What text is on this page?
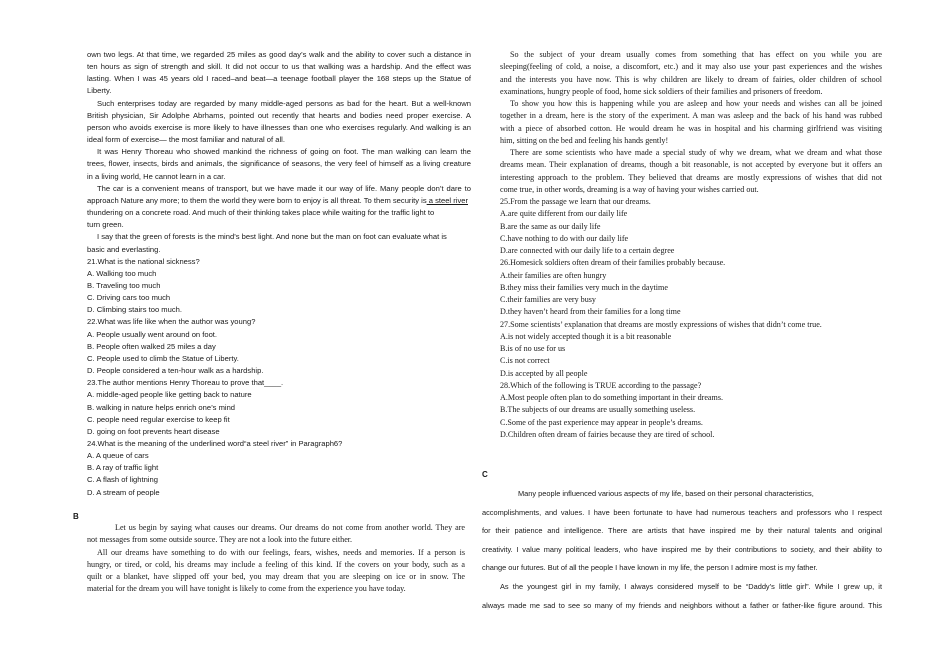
own two legs. At that time, we regarded 25 miles as good day’s walk and the ability to cover such a distance in
ten hours as sign of strength and skill. It did not occur to us that walking was a hardship. And the effect was
lasting. When I was 45 years old I raced–and beat—a teenage football player the 168 steps up the Statue of
Liberty.
Such enterprises today are regarded by many middle-aged persons as bad for the heart. But a well-known
British physician, Sir Adolphe Abrhams, pointed out recently that hearts and bodies need proper exercise. A
person who avoids exercise is more likely to have illnesses than one who exercises regularly. And walking is an
ideal form of exercise— the most familiar and natural of all.
It was Henry Thoreau who showed mankind the richness of going on foot. The man walking can learn the
trees, flower, insects, birds and animals, the significance of seasons, the very feel of himself as a living creature
in a living world, He cannot learn in a car.
The car is a convenient means of transport, but we have made it our way of life. Many people don’t dare to
approach Nature any more; to them the world they were born to enjoy is all threat. To them security is a steel river
thundering on a concrete road. And much of their thinking takes place while waiting for the traffic light to
turn green.
I say that the green of forests is the mind’s best light. And none but the man on foot can evaluate what is
basic and everlasting.
21.What is the national sickness?
A. Walking too much
B. Traveling too much
C. Driving cars too much
D. Climbing stairs too much.
22.What was life like when the author was young?
A. People usually went around on foot.
B. People often walked 25 miles a day
C. People used to climb the Statue of Liberty.
D. People considered a ten-hour walk as a hardship.
23.The author mentions Henry Thoreau to prove that____.
A. middle-aged people like getting back to nature
B. walking in nature helps enrich one’s mind
C. people need regular exercise to keep fit
D. going on foot prevents heart disease
24.What is the meaning of the underlined word“a steel river” in Paragraph6?
A. A queue of cars
B. A ray of traffic light
C. A flash of lightning
D. A stream of people
B
Let us begin by saying what causes our dreams. Our dreams do not come from another world. They are
not messages from some outside source. They are not a look into the future either.
All our dreams have something to do with our feelings, fears, wishes, needs and memories. If a person is
hungry, or tired, or cold, his dreams may include a feeling of this kind. If the covers on your body, such as a
quilt or a blanket, have slipped off your bed, you may dream that you are sleeping on ice or in snow. The
material for the dream you will have tonight is likely to come from the experience you have today.
So the subject of your dream usually comes from something that has effect on you while you are
sleeping(feeling of cold, a noise, a discomfort, etc.) and it may also use your past experiences and the wishes
and the interests you have now. This is why children are likely to dream of fairies, older children of school
examinations, hungry people of food, home sick soldiers of their families and prisoners of freedom.
To show you how this is happening while you are asleep and how your needs and wishes can all be joined
together in a dream, here is the story of the experiment. A man was asleep and the back of his hand was rubbed
with a piece of absorbed cotton. He would dream he was in hospital and his charming girlfriend was visiting
him, sitting on the bed and feeling his hands gently!
There are some scientists who have made a special study of why we dream, what we dream and what those
dreams mean. Their explanation of dreams, though a bit reasonable, is not accepted by everyone but it offers an
interesting approach to the problem. They believed that dreams are mostly expressions of wishes that did not
come true, in other words, dreaming is a way of having your wishes carried out.
25.From the passage we learn that our dreams.
A.are quite different from our daily life
B.are the same as our daily life
C.have nothing to do with our daily life
D.are connected with our daily life to a certain degree
26.Homesick soldiers often dream of their families probably because.
A.their families are often hungry
B.they miss their families very much in the daytime
C.their families are very busy
D.they haven’t heard from their families for a long time
27.Some scientists’ explanation that dreams are mostly expressions of wishes that didn’t come true.
A.is not widely accepted though it is a bit reasonable
B.is of no use for us
C.is not correct
D.is accepted by all people
28.Which of the following is TRUE according to the passage?
A.Most people often plan to do something important in their dreams.
B.The subjects of our dreams are usually something useless.
C.Some of the past experience may appear in people’s dreams.
D.Children often dream of fairies because they are tired of school.
C
Many people influenced various aspects of my life, based on their personal characteristics,
accomplishments, and values. I have been fortunate to have had numerous teachers and professors who I respect
for their patience and intelligence. There are artists that have inspired me by their natural talents and original
creativity. I value many political leaders, who have inspired me by their contributions to society, and their ability to
change our futures. But of all the people I have known in my life, the person I admire most is my father.
As the youngest girl in my family, I always considered myself to be “Daddy’s little girl”. While I grew up, it
always made me sad to see so many of my friends and neighbors without a father or father-like figure around. This
